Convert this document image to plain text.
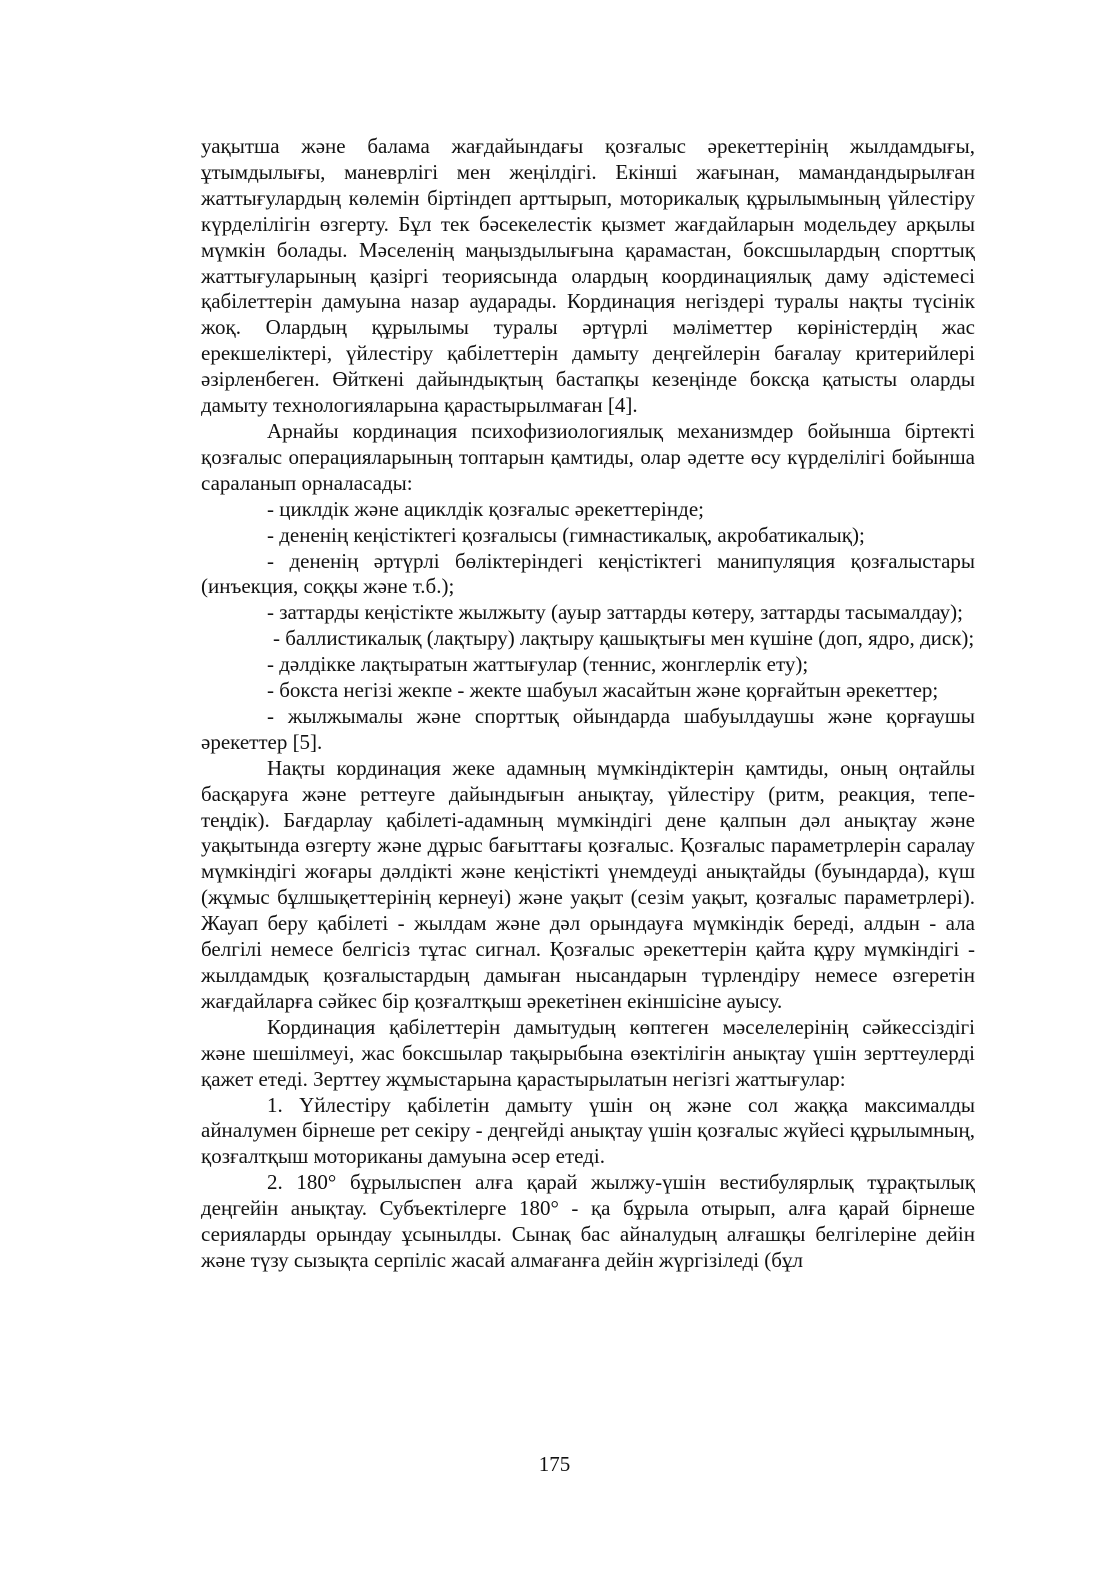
уақытша және балама жағдайындағы қозғалыс әрекеттерінің жылдамдығы, ұтымдылығы, маневрлігі мен жеңілдігі. Екінші жағынан, мамандандырылған жаттығулардың көлемін біртіндеп арттырып, моторикалық құрылымының үйлестіру күрделілігін өзгерту. Бұл тек бәсекелестік қызмет жағдайларын модельдеу арқылы мүмкін болады. Мәселенің маңыздылығына қарамастан, боксшылардың спорттық жаттығуларының қазіргі теориясында олардың координациялық даму әдістемесі қабілеттерін дамуына назар аударады. Кординация негіздері туралы нақты түсінік жоқ. Олардың құрылымы туралы әртүрлі мәліметтер көріністердің жас ерекшеліктері, үйлестіру қабілеттерін дамыту деңгейлерін бағалау критерийлері әзірленбеген. Өйткені дайындықтың бастапқы кезеңінде боксқа қатысты оларды дамыту технологияларына қарастырылмаған [4].

Арнайы кординация психофизиологиялық механизмдер бойынша біртекті қозғалыс операцияларының топтарын қамтиды, олар әдетте өсу күрделілігі бойынша сараланып орналасады:

- циклдік және ациклдік қозғалыс әрекеттерінде;

- дененің кеңістіктегі қозғалысы (гимнастикалық, акробатикалық);

- дененің әртүрлі бөліктеріндегі кеңістіктегі манипуляция қозғалыстары (инъекция, соққы және т.б.);

- заттарды кеңістікте жылжыту (ауыр заттарды көтеру, заттарды тасымалдау);

- баллистикалық (лақтыру) лақтыру қашықтығы мен күшіне (доп, ядро, диск);

- дәлдікке лақтыратын жаттығулар (теннис, жонглерлік ету);

- бокста негізі жекпе - жекте шабуыл жасайтын және қорғайтын әрекеттер;

- жылжымалы және спорттық ойындарда шабуылдаушы және қорғаушы әрекеттер [5].

Нақты кординация жеке адамның мүмкіндіктерін қамтиды, оның оңтайлы басқаруға және реттеуге дайындығын анықтау, үйлестіру (ритм, реакция, тепе-теңдік). Бағдарлау қабілеті-адамның мүмкіндігі дене қалпын дәл анықтау және уақытында өзгерту және дұрыс бағыттағы қозғалыс. Қозғалыс параметрлерін саралау мүмкіндігі жоғары дәлдікті және кеңістікті үнемдеуді анықтайды (буындарда), күш (жұмыс бұлшықеттерінің кернеуі) және уақыт (сезім уақыт, қозғалыс параметрлері). Жауап беру қабілеті - жылдам және дәл орындауға мүмкіндік береді, алдын - ала белгілі немесе белгісіз тұтас сигнал. Қозғалыс әрекеттерін қайта құру мүмкіндігі - жылдамдық қозғалыстардың дамыған нысандарын түрлендіру немесе өзгеретін жағдайларға сәйкес бір қозғалтқыш әрекетінен екіншісіне ауысу.

Кординация қабілеттерін дамытудың көптеген мәселелерінің сәйкессіздігі және шешілмеуі, жас боксшылар тақырыбына өзектілігін анықтау үшін зерттеулерді қажет етеді. Зерттеу жұмыстарына қарастырылатын негізгі жаттығулар:

1. Үйлестіру қабілетін дамыту үшін оң және сол жаққа максималды айналумен бірнеше рет секіру - деңгейді анықтау үшін қозғалыс жүйесі құрылымның, қозғалтқыш моториканы дамуына әсер етеді.

2. 180° бұрылыспен алға қарай жылжу-үшін вестибулярлық тұрақтылық деңгейін анықтау. Субъектілерге 180° - қа бұрыла отырып, алға қарай бірнеше серияларды орындау ұсынылды. Сынақ бас айналудың алғашқы белгілеріне дейін және түзу сызықта серпіліс жасай алмағанға дейін жүргізіледі (бұл

175
